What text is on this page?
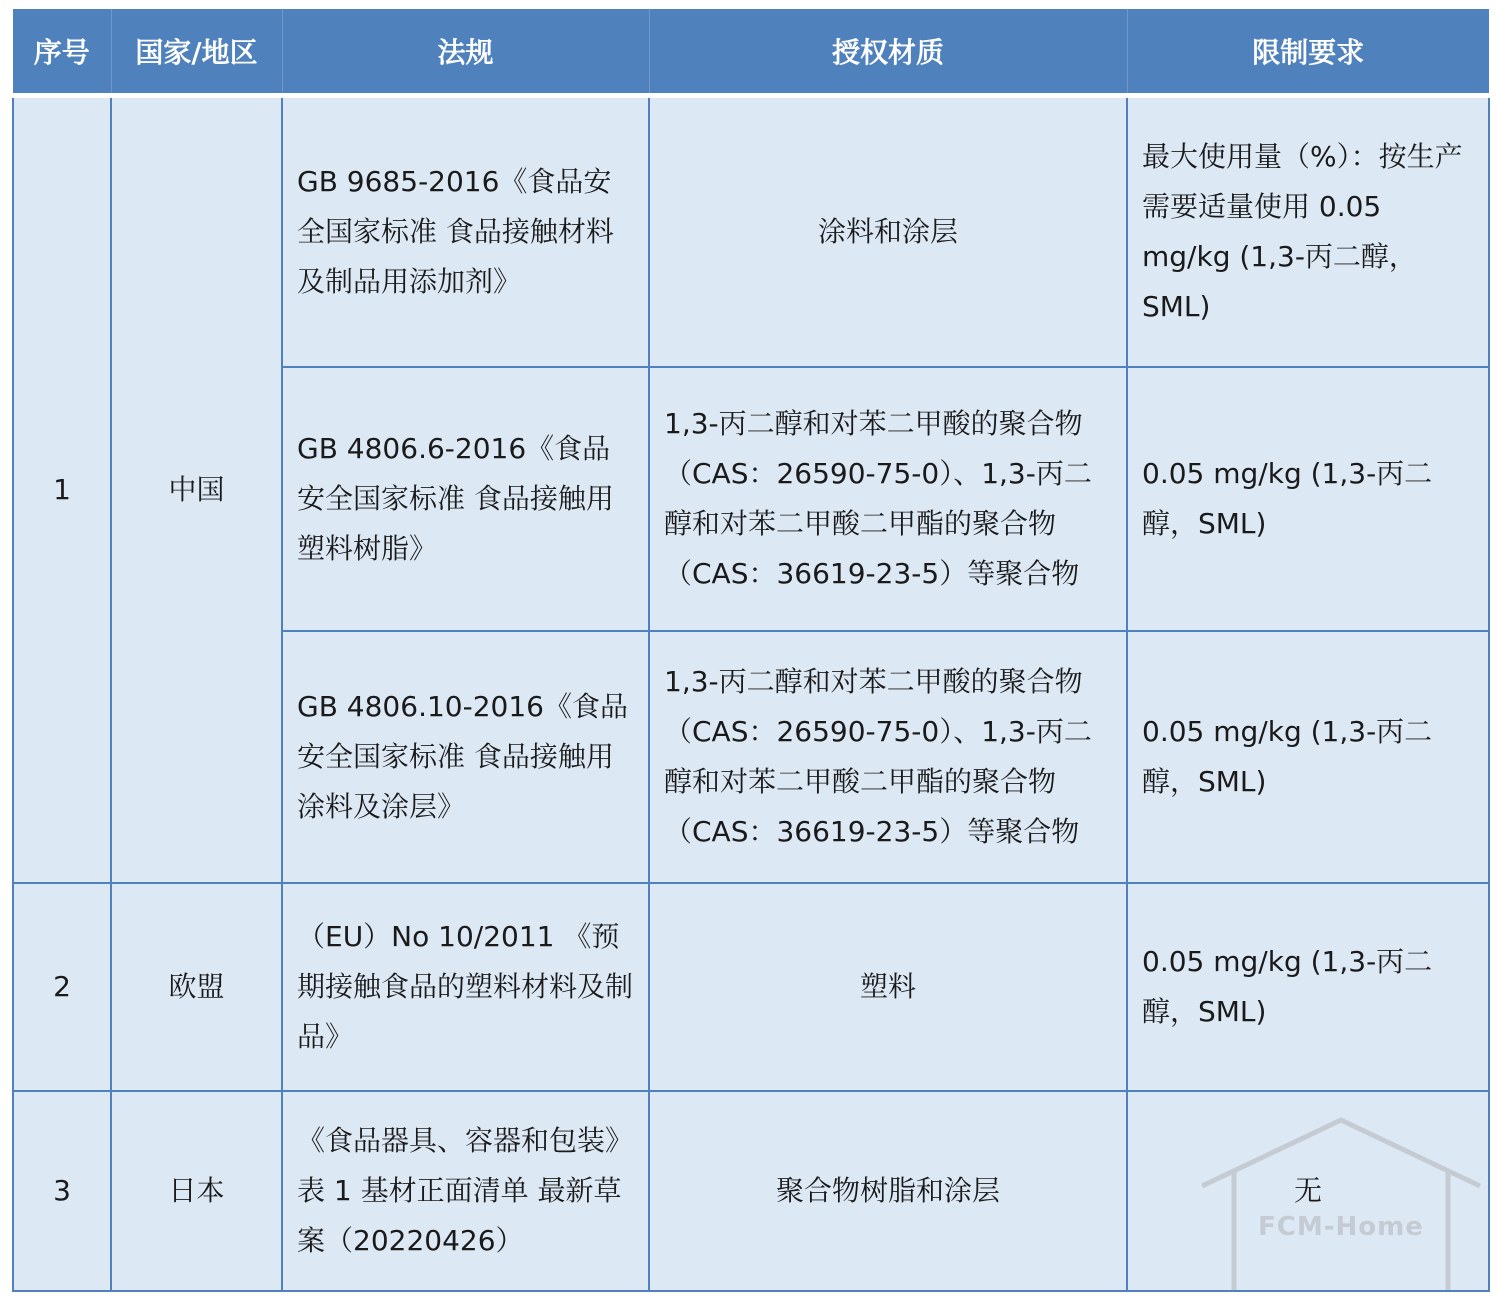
序号	国家/地区	法规	授权材质	限制要求
1	中国	GB 9685-2016《食品安全国家标准 食品接触材料及制品用添加剂》	涂料和涂层	最大使用量（%）：按生产需要适量使用 0.05 mg/kg (1,3-丙二醇，SML)
		GB 4806.6-2016《食品安全国家标准 食品接触用塑料树脂》	1,3-丙二醇和对苯二甲酸的聚合物（CAS：26590-75-0）、1,3-丙二醇和对苯二甲酸二甲酯的聚合物（CAS：36619-23-5）等聚合物	0.05 mg/kg (1,3-丙二醇，SML)
		GB 4806.10-2016《食品安全国家标准 食品接触用涂料及涂层》	1,3-丙二醇和对苯二甲酸的聚合物（CAS：26590-75-0）、1,3-丙二醇和对苯二甲酸二甲酯的聚合物（CAS：36619-23-5）等聚合物	0.05 mg/kg (1,3-丙二醇，SML)
2	欧盟	（EU）No 10/2011 《预期接触食品的塑料材料及制品》	塑料	0.05 mg/kg (1,3-丙二醇，SML)
3	日本	《食品器具、容器和包装》表 1 基材正面清单 最新草案（20220426）	聚合物树脂和涂层	无
FCM-Home
